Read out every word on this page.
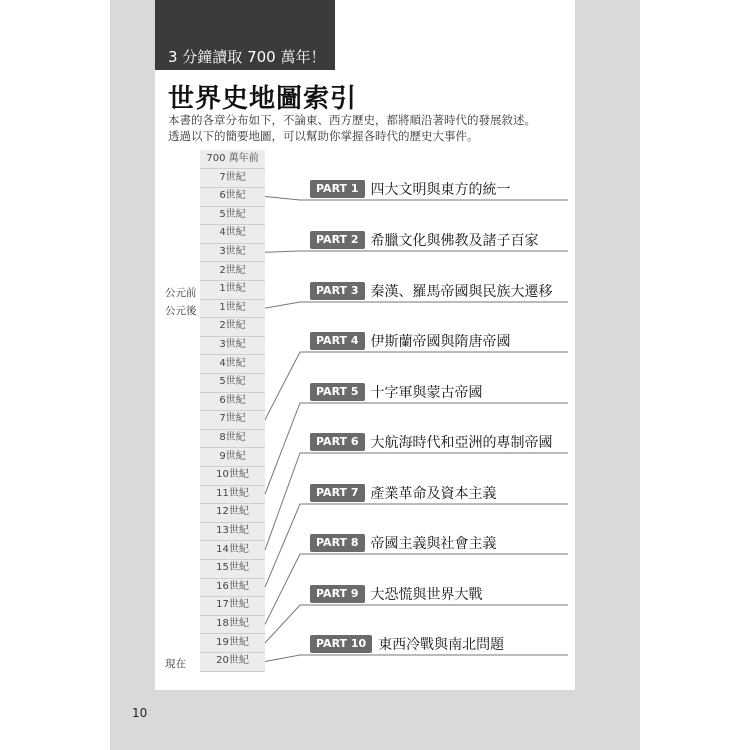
3 分鐘讀取 700 萬年！
世界史地圖索引
本書的各章分布如下，不論東、西方歷史，都將順沿著時代的發展敘述。
透過以下的簡要地圖，可以幫助你掌握各時代的歷史大事件。
700 萬年前
7世紀
6世紀
5世紀
4世紀
3世紀
2世紀
1世紀
1世紀
2世紀
3世紀
4世紀
5世紀
6世紀
7世紀
8世紀
9世紀
10世紀
11世紀
12世紀
13世紀
14世紀
15世紀
16世紀
17世紀
18世紀
19世紀
20世紀
公元前
公元後
現在
PART 1 四大文明與東方的統一
PART 2 希臘文化與佛教及諸子百家
PART 3 秦漢、羅馬帝國與民族大遷移
PART 4 伊斯蘭帝國與隋唐帝國
PART 5 十字軍與蒙古帝國
PART 6 大航海時代和亞洲的專制帝國
PART 7 產業革命及資本主義
PART 8 帝國主義與社會主義
PART 9 大恐慌與世界大戰
PART 10 東西冷戰與南北問題
10
